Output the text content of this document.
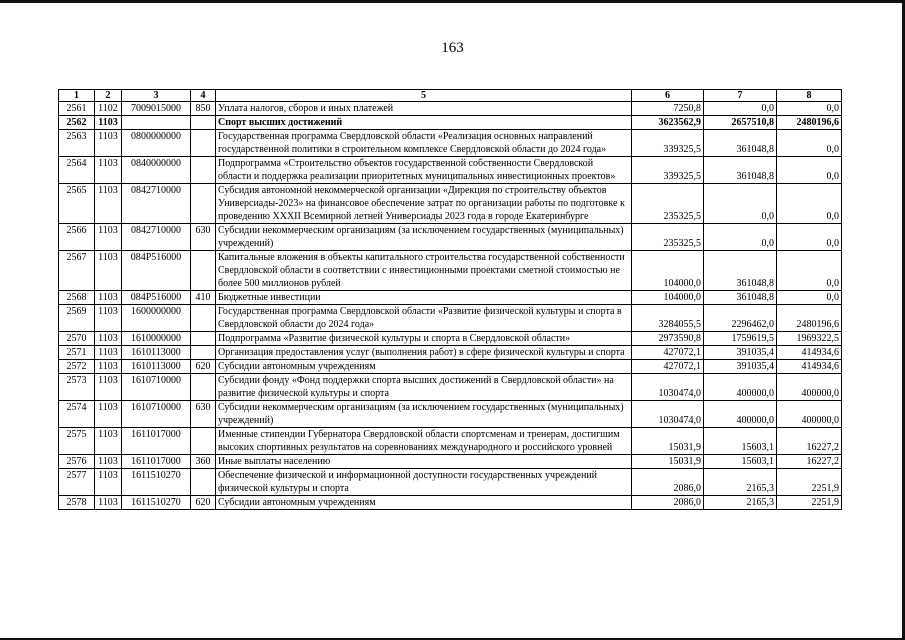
163
1	2	3	4	5	6	7	8
2561	1102	7009015000	850	Уплата налогов, сборов и иных платежей	7250,8	0,0	0,0
2562	1103			Спорт высших достижений	3623562,9	2657510,8	2480196,6
2563	1103	0800000000		Государственная программа Свердловской области «Реализация основных направлений государственной политики в строительном комплексе Свердловской области до 2024 года»	339325,5	361048,8	0,0
2564	1103	0840000000		Подпрограмма «Строительство объектов государственной собственности Свердловской области и поддержка реализации приоритетных муниципальных инвестиционных проектов»	339325,5	361048,8	0,0
2565	1103	0842710000		Субсидия автономной некоммерческой организации «Дирекция по строительству объектов Универсиады-2023» на финансовое обеспечение затрат по организации работы по подготовке к проведению XXXII Всемирной летней Универсиады 2023 года в городе Екатеринбурге	235325,5	0,0	0,0
2566	1103	0842710000	630	Субсидии некоммерческим организациям (за исключением государственных (муниципальных) учреждений)	235325,5	0,0	0,0
2567	1103	084P516000		Капитальные вложения в объекты капитального строительства государственной собственности Свердловской области в соответствии с инвестиционными проектами сметной стоимостью не более 500 миллионов рублей	104000,0	361048,8	0,0
2568	1103	084P516000	410	Бюджетные инвестиции	104000,0	361048,8	0,0
2569	1103	1600000000		Государственная программа Свердловской области «Развитие физической культуры и спорта в Свердловской области до 2024 года»	3284055,5	2296462,0	2480196,6
2570	1103	1610000000		Подпрограмма «Развитие физической культуры и спорта в Свердловской области»	2973590,8	1759619,5	1969322,5
2571	1103	1610113000		Организация предоставления услуг (выполнения работ) в сфере физической культуры и спорта	427072,1	391035,4	414934,6
2572	1103	1610113000	620	Субсидии автономным учреждениям	427072,1	391035,4	414934,6
2573	1103	1610710000		Субсидии фонду «Фонд поддержки спорта высших достижений в Свердловской области» на развитие физической культуры и спорта	1030474,0	400000,0	400000,0
2574	1103	1610710000	630	Субсидии некоммерческим организациям (за исключением государственных (муниципальных) учреждений)	1030474,0	400000,0	400000,0
2575	1103	1611017000		Именные стипендии Губернатора Свердловской области спортсменам и тренерам, достигшим высоких спортивных результатов на соревнованиях международного и российского уровней	15031,9	15603,1	16227,2
2576	1103	1611017000	360	Иные выплаты населению	15031,9	15603,1	16227,2
2577	1103	1611510270		Обеспечение физической и информационной доступности государственных учреждений физической культуры и спорта	2086,0	2165,3	2251,9
2578	1103	1611510270	620	Субсидии автономным учреждениям	2086,0	2165,3	2251,9
